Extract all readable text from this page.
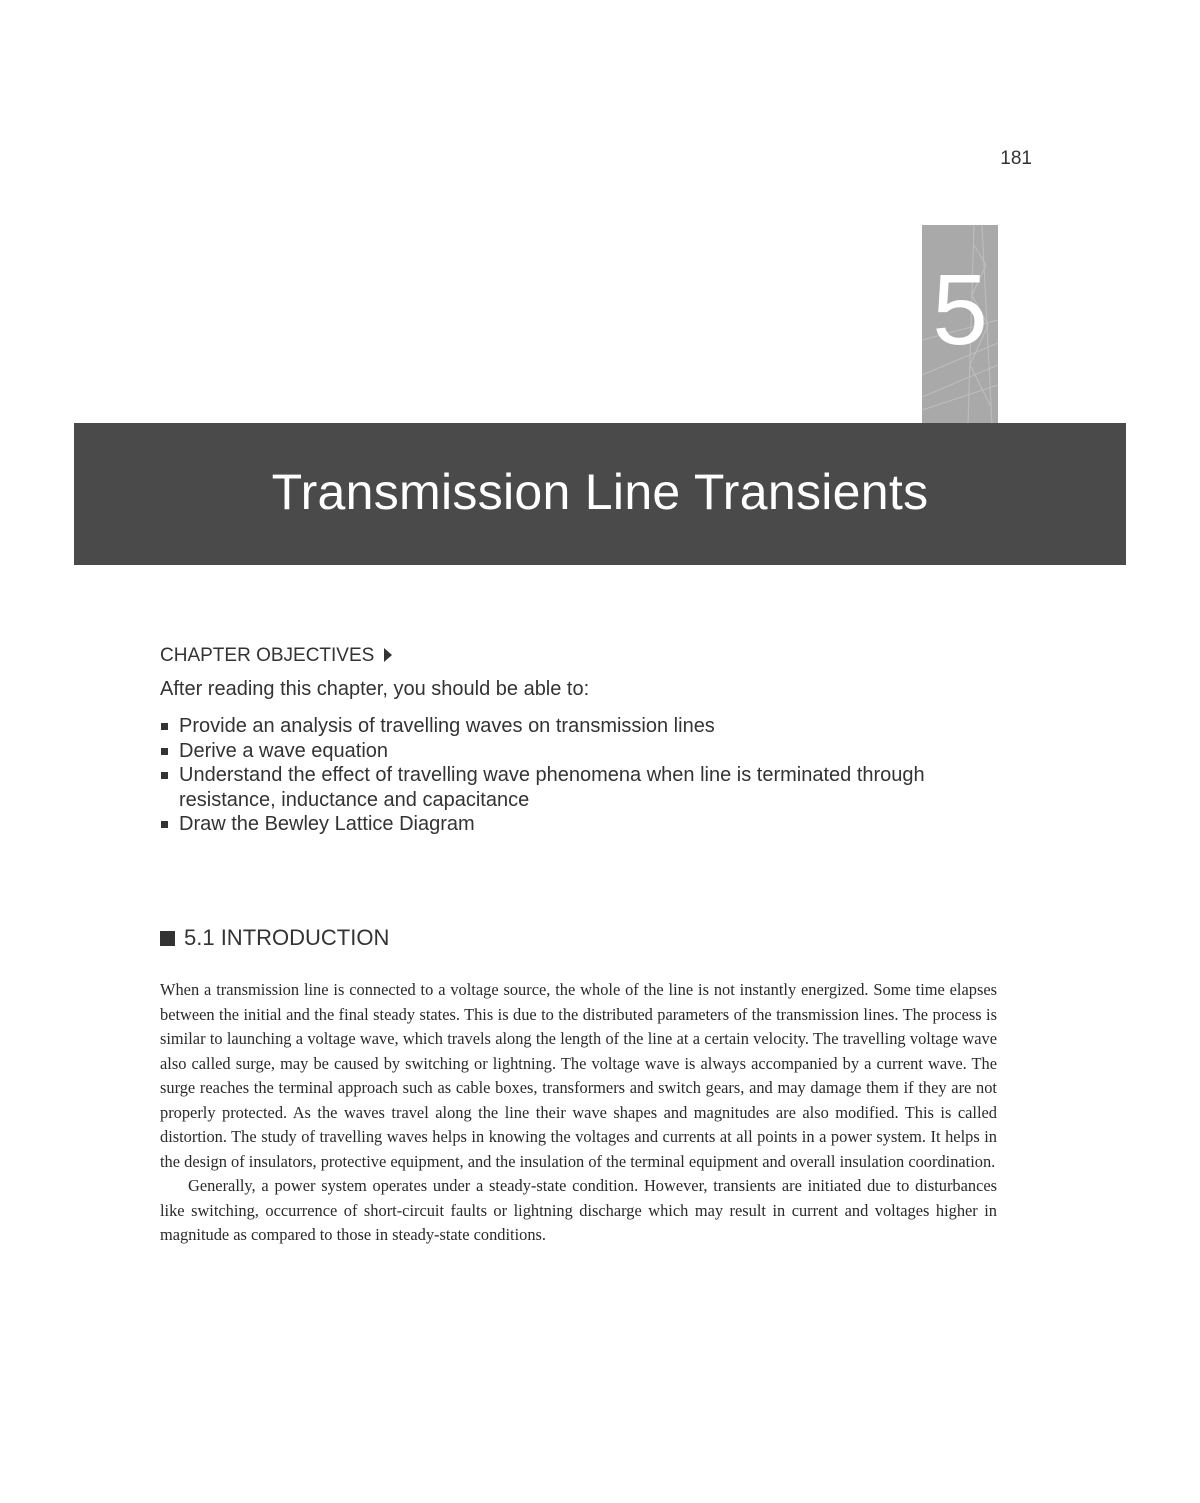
181
5
Transmission Line Transients
CHAPTER OBJECTIVES
After reading this chapter, you should be able to:
Provide an analysis of travelling waves on transmission lines
Derive a wave equation
Understand the effect of travelling wave phenomena when line is terminated through resistance, inductance and capacitance
Draw the Bewley Lattice Diagram
5.1 INTRODUCTION

When a transmission line is connected to a voltage source, the whole of the line is not instantly energized. Some time elapses between the initial and the final steady states. This is due to the distributed parameters of the transmission lines. The process is similar to launching a voltage wave, which travels along the length of the line at a certain velocity. The travelling voltage wave also called surge, may be caused by switching or lightning. The voltage wave is always accompanied by a current wave. The surge reaches the terminal approach such as cable boxes, transformers and switch gears, and may damage them if they are not properly protected. As the waves travel along the line their wave shapes and magnitudes are also modified. This is called distortion. The study of travelling waves helps in knowing the voltages and currents at all points in a power system. It helps in the design of insulators, protective equipment, and the insulation of the terminal equipment and overall insulation coordination.

Generally, a power system operates under a steady-state condition. However, transients are initiated due to disturbances like switching, occurrence of short-circuit faults or lightning discharge which may result in current and voltages higher in magnitude as compared to those in steady-state conditions.
